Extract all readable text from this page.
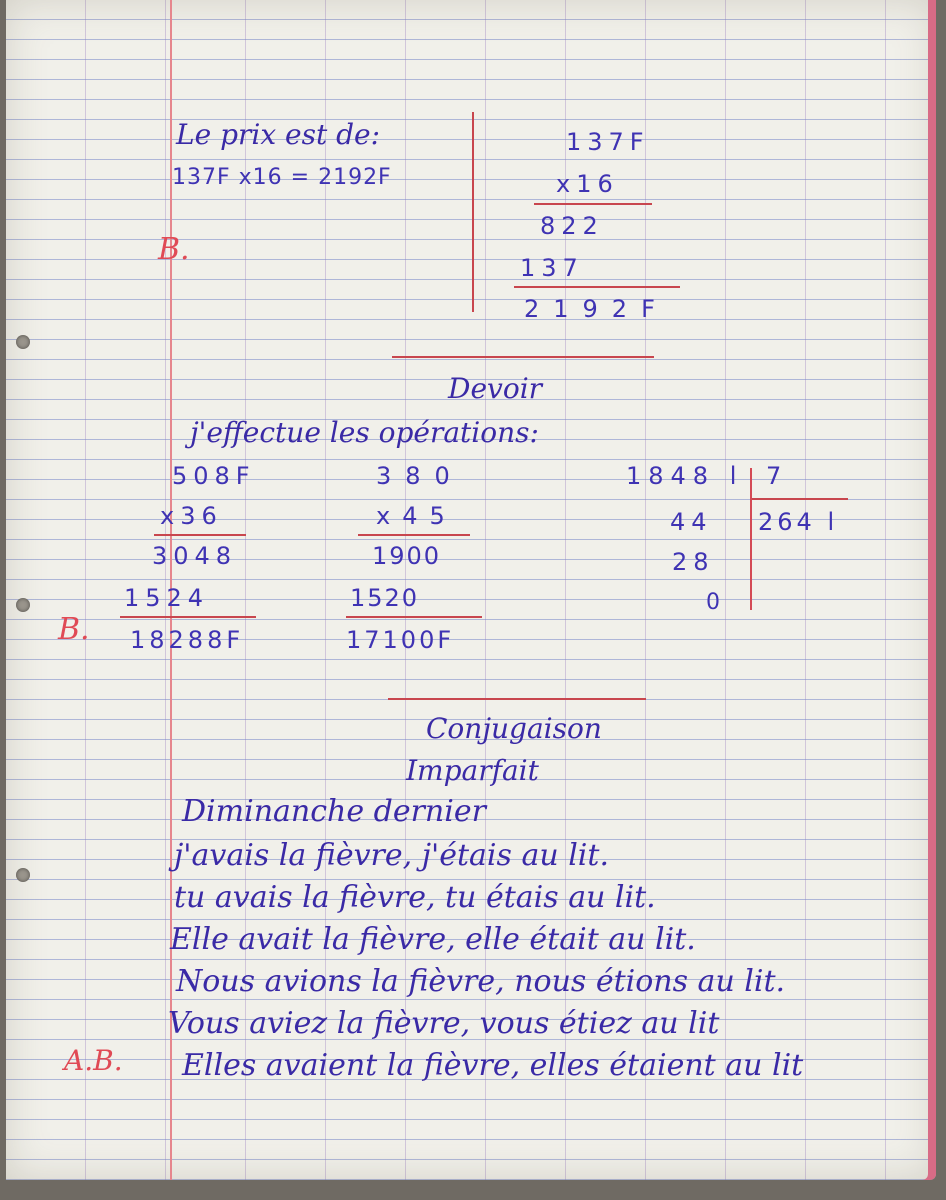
Le prix est de:
137F x16 = 2192F
B.
137F
x16
822
137
2192F
Devoir
j'effectue les opérations:
508F
x36
3048
1524
B. 18288F
380
x45
1900
1520
17100F
1848 l 7
264 l
44
28
0
Conjugaison
Imparfait
Diminanche dernier
j'avais la fièvre, j'étais au lit.
tu avais la fièvre, tu étais au lit.
Elle avait la fièvre, elle était au lit.
Nous avions la fièvre, nous étions au lit.
Vous aviez la fièvre, vous étiez au lit
A.B. Elles avaient la fièvre, elles étaient au lit
